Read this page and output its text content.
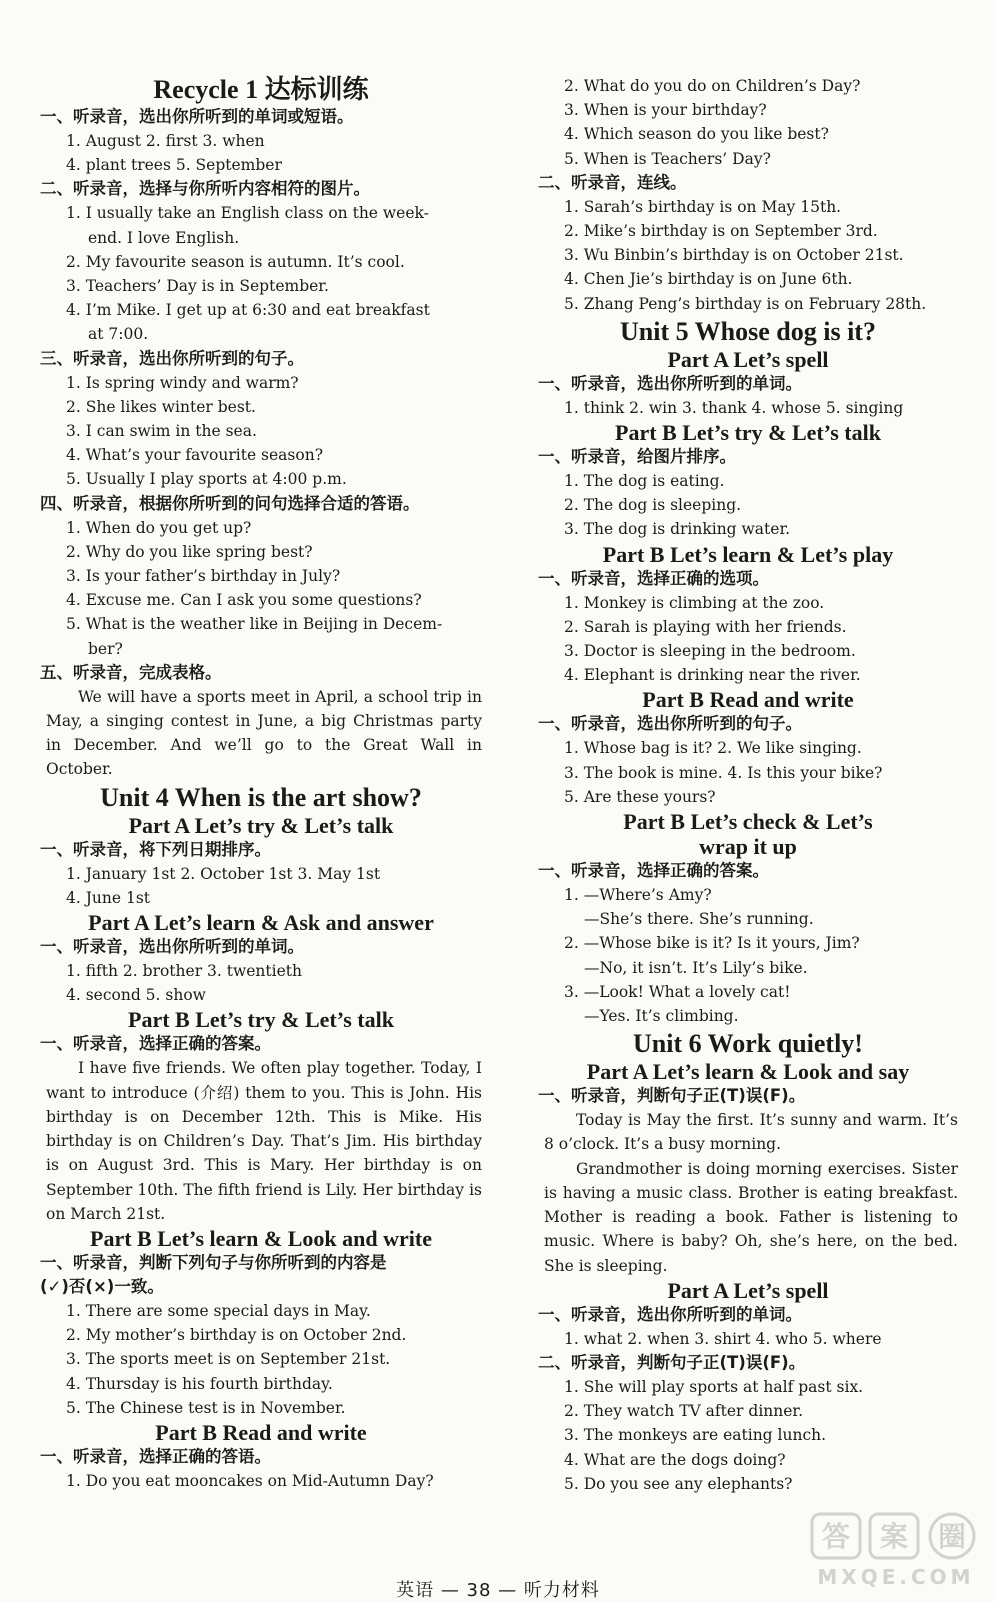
Recycle 1 达标训练
一、听录音，选出你所听到的单词或短语。
1. August 2. first 3. when
4. plant trees 5. September
二、听录音，选择与你所听内容相符的图片。
1. I usually take an English class on the week-
end. I love English.
2. My favourite season is autumn. It’s cool.
3. Teachers’ Day is in September.
4. I’m Mike. I get up at 6:30 and eat breakfast
at 7:00.
三、听录音，选出你所听到的句子。
1. Is spring windy and warm?
2. She likes winter best.
3. I can swim in the sea.
4. What’s your favourite season?
5. Usually I play sports at 4:00 p.m.
四、听录音，根据你所听到的问句选择合适的答语。
1. When do you get up?
2. Why do you like spring best?
3. Is your father’s birthday in July?
4. Excuse me. Can I ask you some questions?
5. What is the weather like in Beijing in Decem-
ber?
五、听录音，完成表格。
We will have a sports meet in April, a school trip in May, a singing contest in June, a big Christmas party in December. And we’ll go to the Great Wall in October.
Unit 4 When is the art show?
Part A Let’s try & Let’s talk
一、听录音，将下列日期排序。
1. January 1st 2. October 1st 3. May 1st
4. June 1st
Part A Let’s learn & Ask and answer
一、听录音，选出你所听到的单词。
1. fifth 2. brother 3. twentieth
4. second 5. show
Part B Let’s try & Let’s talk
一、听录音，选择正确的答案。
I have five friends. We often play together. Today, I want to introduce (介绍) them to you. This is John. His birthday is on December 12th. This is Mike. His birthday is on Children’s Day. That’s Jim. His birthday is on August 3rd. This is Mary. Her birthday is on September 10th. The fifth friend is Lily. Her birthday is on March 21st.
Part B Let’s learn & Look and write
一、听录音，判断下列句子与你所听到的内容是
(✓)否(×)一致。
1. There are some special days in May.
2. My mother’s birthday is on October 2nd.
3. The sports meet is on September 21st.
4. Thursday is his fourth birthday.
5. The Chinese test is in November.
Part B Read and write
一、听录音，选择正确的答语。
1. Do you eat mooncakes on Mid-Autumn Day?
2. What do you do on Children’s Day?
3. When is your birthday?
4. Which season do you like best?
5. When is Teachers’ Day?
二、听录音，连线。
1. Sarah’s birthday is on May 15th.
2. Mike’s birthday is on September 3rd.
3. Wu Binbin’s birthday is on October 21st.
4. Chen Jie’s birthday is on June 6th.
5. Zhang Peng’s birthday is on February 28th.
Unit 5 Whose dog is it?
Part A Let’s spell
一、听录音，选出你所听到的单词。
1. think 2. win 3. thank 4. whose 5. singing
Part B Let’s try & Let’s talk
一、听录音，给图片排序。
1. The dog is eating.
2. The dog is sleeping.
3. The dog is drinking water.
Part B Let’s learn & Let’s play
一、听录音，选择正确的选项。
1. Monkey is climbing at the zoo.
2. Sarah is playing with her friends.
3. Doctor is sleeping in the bedroom.
4. Elephant is drinking near the river.
Part B Read and write
一、听录音，选出你所听到的句子。
1. Whose bag is it? 2. We like singing.
3. The book is mine. 4. Is this your bike?
5. Are these yours?
Part B Let’s check & Let’s
wrap it up
一、听录音，选择正确的答案。
1. —Where’s Amy?
—She’s there. She’s running.
2. —Whose bike is it? Is it yours, Jim?
—No, it isn’t. It’s Lily’s bike.
3. —Look! What a lovely cat!
—Yes. It’s climbing.
Unit 6 Work quietly!
Part A Let’s learn & Look and say
一、听录音，判断句子正(T)误(F)。
Today is May the first. It’s sunny and warm. It’s 8 o’clock. It’s a busy morning.
Grandmother is doing morning exercises. Sister is having a music class. Brother is eating breakfast. Mother is reading a book. Father is listening to music. Where is baby? Oh, she’s here, on the bed. She is sleeping.
Part A Let’s spell
一、听录音，选出你所听到的单词。
1. what 2. when 3. shirt 4. who 5. where
二、听录音，判断句子正(T)误(F)。
1. She will play sports at half past six.
2. They watch TV after dinner.
3. The monkeys are eating lunch.
4. What are the dogs doing?
5. Do you see any elephants?
英语 — 38 — 听力材料
答 案 圈
MXQE.COM
